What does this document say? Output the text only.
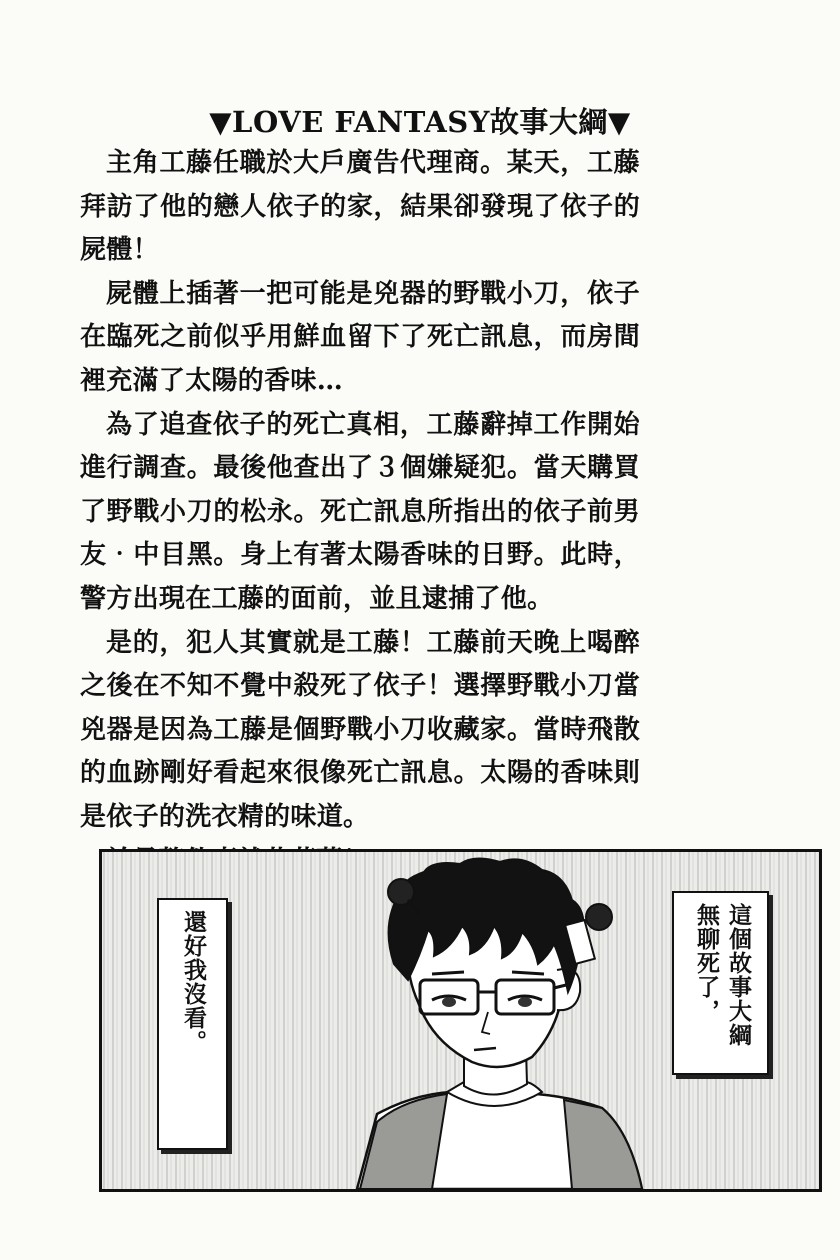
▼LOVE FANTASY故事大綱▼

主角工藤任職於大戶廣告代理商。某天，工藤拜訪了他的戀人依子的家，結果卻發現了依子的屍體！

屍體上插著一把可能是兇器的野戰小刀，依子在臨死之前似乎用鮮血留下了死亡訊息，而房間裡充滿了太陽的香味…

為了追查依子的死亡真相，工藤辭掉工作開始進行調查。最後他查出了３個嫌疑犯。當天購買了野戰小刀的松永。死亡訊息所指出的依子前男友‧中目黑。身上有著太陽香味的日野。此時，警方出現在工藤的面前，並且逮捕了他。

是的，犯人其實就是工藤！工藤前天晚上喝醉之後在不知不覺中殺死了依子！選擇野戰小刀當兇器是因為工藤是個野戰小刀收藏家。當時飛散的血跡剛好看起來很像死亡訊息。太陽的香味則是依子的洗衣精的味道。

還好我沒看。	這個故事大綱
無聊死了，
